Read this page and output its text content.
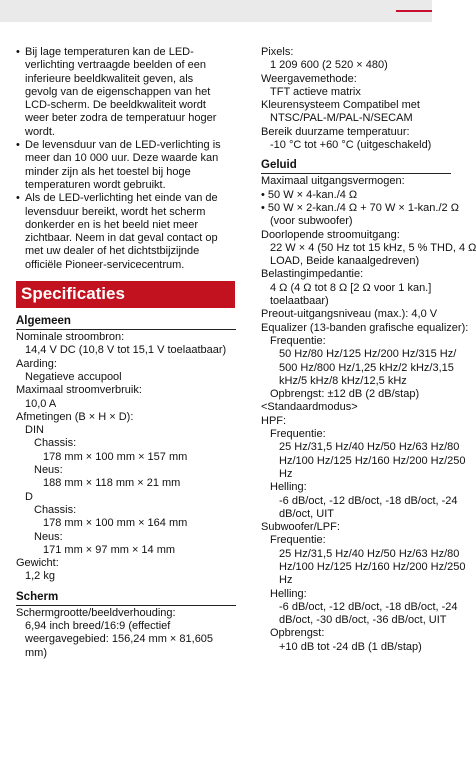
• Bij lage temperaturen kan de LED-
verlichting vertraagde beelden of een
inferieure beeldkwaliteit geven, als
gevolg van de eigenschappen van het
LCD-scherm. De beeldkwaliteit wordt
weer beter zodra de temperatuur hoger
wordt.
• De levensduur van de LED-verlichting is
meer dan 10 000 uur. Deze waarde kan
minder zijn als het toestel bij hoge
temperaturen wordt gebruikt.
• Als de LED-verlichting het einde van de
levensduur bereikt, wordt het scherm
donkerder en is het beeld niet meer
zichtbaar. Neem in dat geval contact op
met uw dealer of het dichtstbijzijnde
officiële Pioneer-servicecentrum.
Specificaties
Algemeen
Nominale stroombron:
14,4 V DC (10,8 V tot 15,1 V toelaatbaar)
Aarding:
Negatieve accupool
Maximaal stroomverbruik:
10,0 A
Afmetingen (B × H × D):
DIN
Chassis:
178 mm × 100 mm × 157 mm
Neus:
188 mm × 118 mm × 21 mm
D
Chassis:
178 mm × 100 mm × 164 mm
Neus:
171 mm × 97 mm × 14 mm
Gewicht:
1,2 kg
Scherm
Schermgrootte/beeldverhouding:
6,94 inch breed/16:9 (effectief
weergavegebied: 156,24 mm × 81,605
mm)
Pixels:
1 209 600 (2 520 × 480)
Weergavemethode:
TFT actieve matrix
Kleurensysteem Compatibel met
NTSC/PAL-M/PAL-N/SECAM
Bereik duurzame temperatuur:
-10 °C tot +60 °C (uitgeschakeld)
Geluid
Maximaal uitgangsvermogen:
• 50 W × 4-kan./4 Ω
• 50 W × 2-kan./4 Ω + 70 W × 1-kan./2 Ω
(voor subwoofer)
Doorlopende stroomuitgang:
22 W × 4 (50 Hz tot 15 kHz, 5 % THD, 4 Ω
LOAD, Beide kanaalgedreven)
Belastingimpedantie:
4 Ω (4 Ω tot 8 Ω [2 Ω voor 1 kan.]
toelaatbaar)
Preout-uitgangsniveau (max.): 4,0 V
Equalizer (13-banden grafische equalizer):
Frequentie:
50 Hz/80 Hz/125 Hz/200 Hz/315 Hz/
500 Hz/800 Hz/1,25 kHz/2 kHz/3,15
kHz/5 kHz/8 kHz/12,5 kHz
Opbrengst: ±12 dB (2 dB/stap)
<Standaardmodus>
HPF:
Frequentie:
25 Hz/31,5 Hz/40 Hz/50 Hz/63 Hz/80
Hz/100 Hz/125 Hz/160 Hz/200 Hz/250
Hz
Helling:
-6 dB/oct, -12 dB/oct, -18 dB/oct, -24
dB/oct, UIT
Subwoofer/LPF:
Frequentie:
25 Hz/31,5 Hz/40 Hz/50 Hz/63 Hz/80
Hz/100 Hz/125 Hz/160 Hz/200 Hz/250
Hz
Helling:
-6 dB/oct, -12 dB/oct, -18 dB/oct, -24
dB/oct, -30 dB/oct, -36 dB/oct, UIT
Opbrengst:
+10 dB tot -24 dB (1 dB/stap)
